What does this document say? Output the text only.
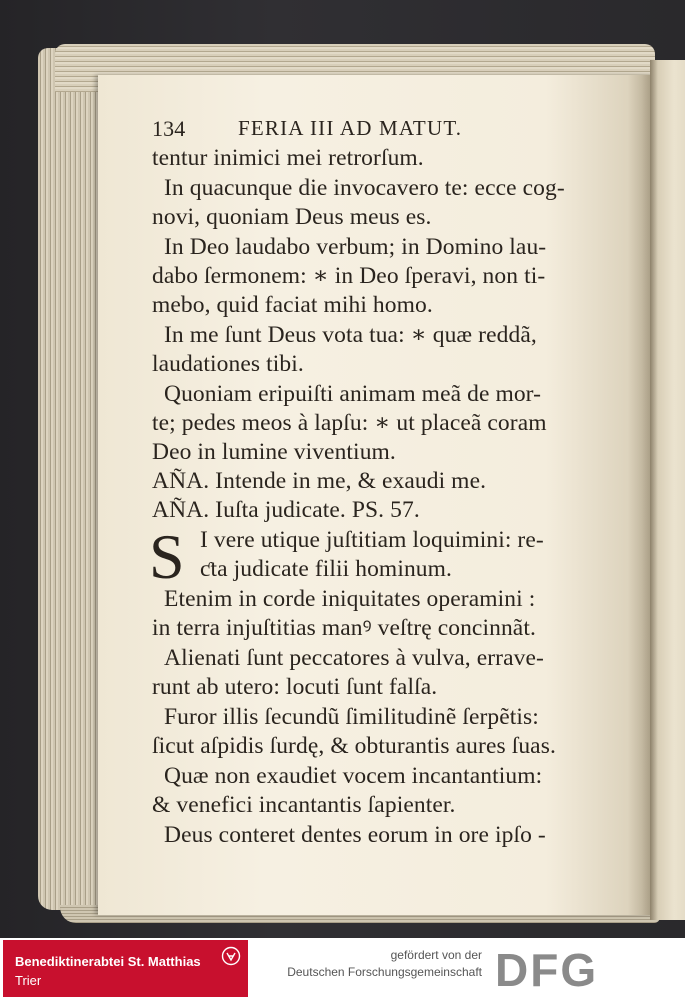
134	FERIA III AD MATUT.
tentur inimici mei retrorſum.
In quacunque die invocavero te: ecce cog-
novi, quoniam Deus meus es.
In Deo laudabo verbum; in Domino lau-
dabo ſermonem: ∗ in Deo ſperavi, non ti-
mebo, quid faciat mihi homo.
In me ſunt Deus vota tua: ∗ quæ reddã,
laudationes tibi.
Quoniam eripuiſti animam meã de mor-
te; pedes meos à lapſu: ∗ ut placeã coram
Deo in lumine viventium.
AÑA. Intende in me, & exaudi me.
AÑA. Iuſta judicate. PS. 57.
S I vere utique juſtitiam loquimini: re-
ƈta judicate filii hominum.
Etenim in corde iniquitates operamini :
in terra injuſtitias manꝰ veſtrę concinnãt.
Alienati ſunt peccatores à vulva, errave-
runt ab utero: locuti ſunt falſa.
Furor illis ſecundũ ſimilitudinẽ ſerpẽtis:
ſicut aſpidis ſurdę, & obturantis aures ſuas.
Quæ non exaudiet vocem incantantium:
& venefici incantantis ſapienter.
Deus conteret dentes eorum in ore ipſo -
Benediktinerabtei St. Matthias
Trier
gefördert von der
Deutschen Forschungsgemeinschaft DFG
